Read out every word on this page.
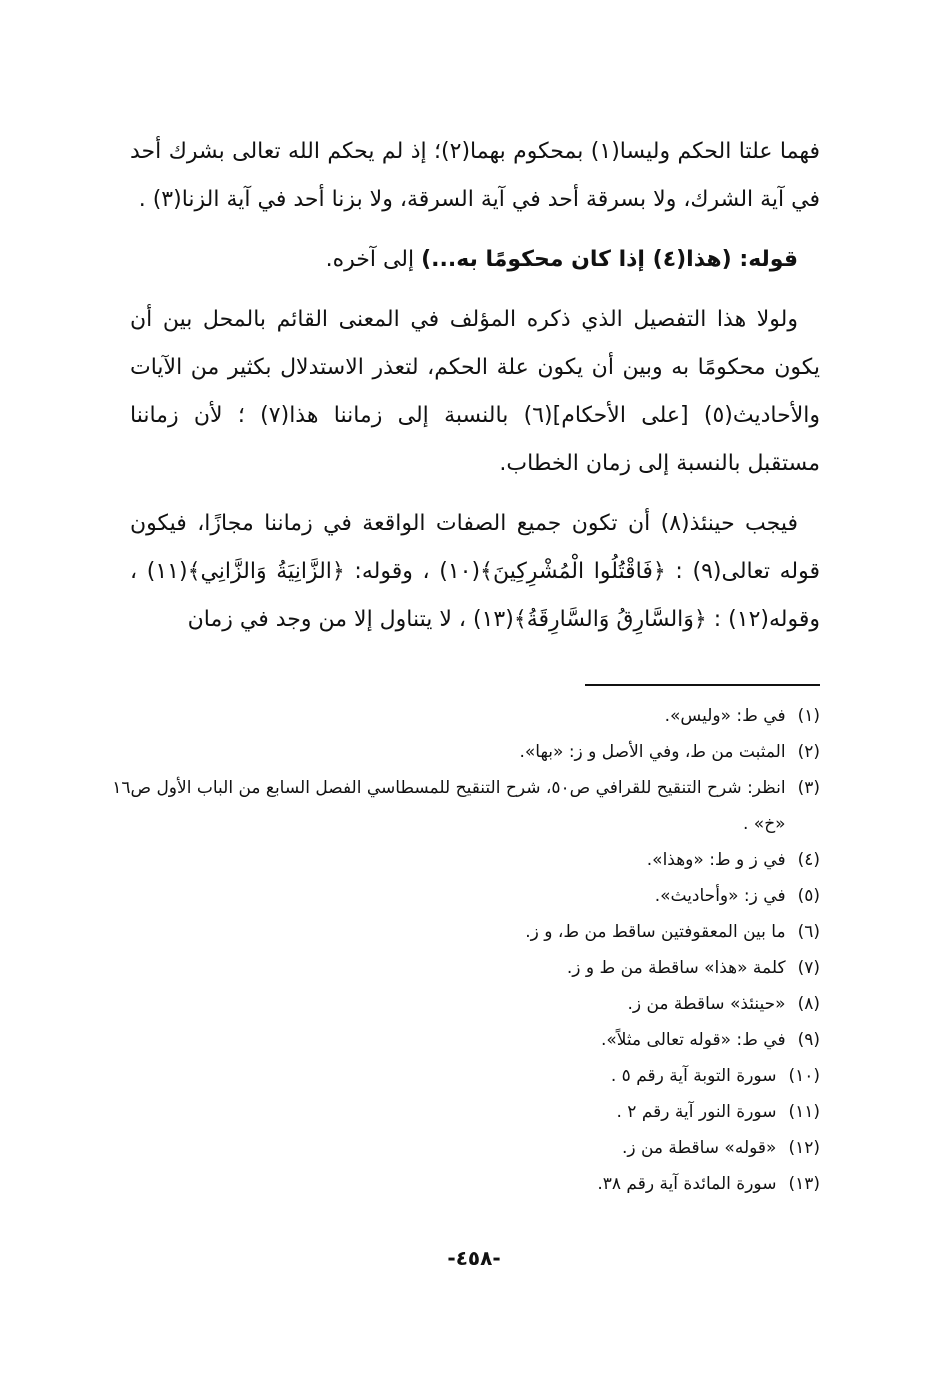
فهما علتا الحكم وليسا(١) بمحكوم بهما(٢)؛ إذ لم يحكم الله تعالى بشرك أحد في آية الشرك، ولا بسرقة أحد في آية السرقة، ولا بزنا أحد في آية الزنا(٣) .

قوله: (هذا(٤) إذا كان محكومًا به...) إلى آخره.

ولولا هذا التفصيل الذي ذكره المؤلف في المعنى القائم بالمحل بين أن يكون محكومًا به وبين أن يكون علة الحكم، لتعذر الاستدلال بكثير من الآيات والأحاديث(٥) [على الأحكام](٦) بالنسبة إلى زماننا هذا(٧) ؛ لأن زماننا مستقبل بالنسبة إلى زمان الخطاب.

فيجب حينئذ(٨) أن تكون جميع الصفات الواقعة في زماننا مجازًا، فيكون قوله تعالى(٩) : ﴿فَاقْتُلُوا الْمُشْرِكِينَ﴾(١٠) ، وقوله: ﴿الزَّانِيَةُ وَالزَّانِي﴾(١١) ، وقوله(١٢) : ﴿وَالسَّارِقُ وَالسَّارِقَةُ﴾(١٣) ، لا يتناول إلا من وجد في زمان

(١)
في ط: «وليس».
(٢)
المثبت من ط، وفي الأصل و ز: «بها».
(٣)
انظر: شرح التنقيح للقرافي ص٥٠، شرح التنقيح للمسطاسي الفصل السابع من الباب الأول ص١٦ «خ» .
(٤)
في ز و ط: «وهذا».
(٥)
في ز: «وأحاديث».
(٦)
ما بين المعقوفتين ساقط من ط، و ز.
(٧)
كلمة «هذا» ساقطة من ط و ز.
(٨)
«حينئذ» ساقطة من ز.
(٩)
في ط: «قوله تعالى مثلاً».
(١٠)
سورة التوبة آية رقم ٥ .
(١١)
سورة النور آية رقم ٢ .
(١٢)
«قوله» ساقطة من ز.
(١٣)
سورة المائدة آية رقم ٣٨.
-٤٥٨-
